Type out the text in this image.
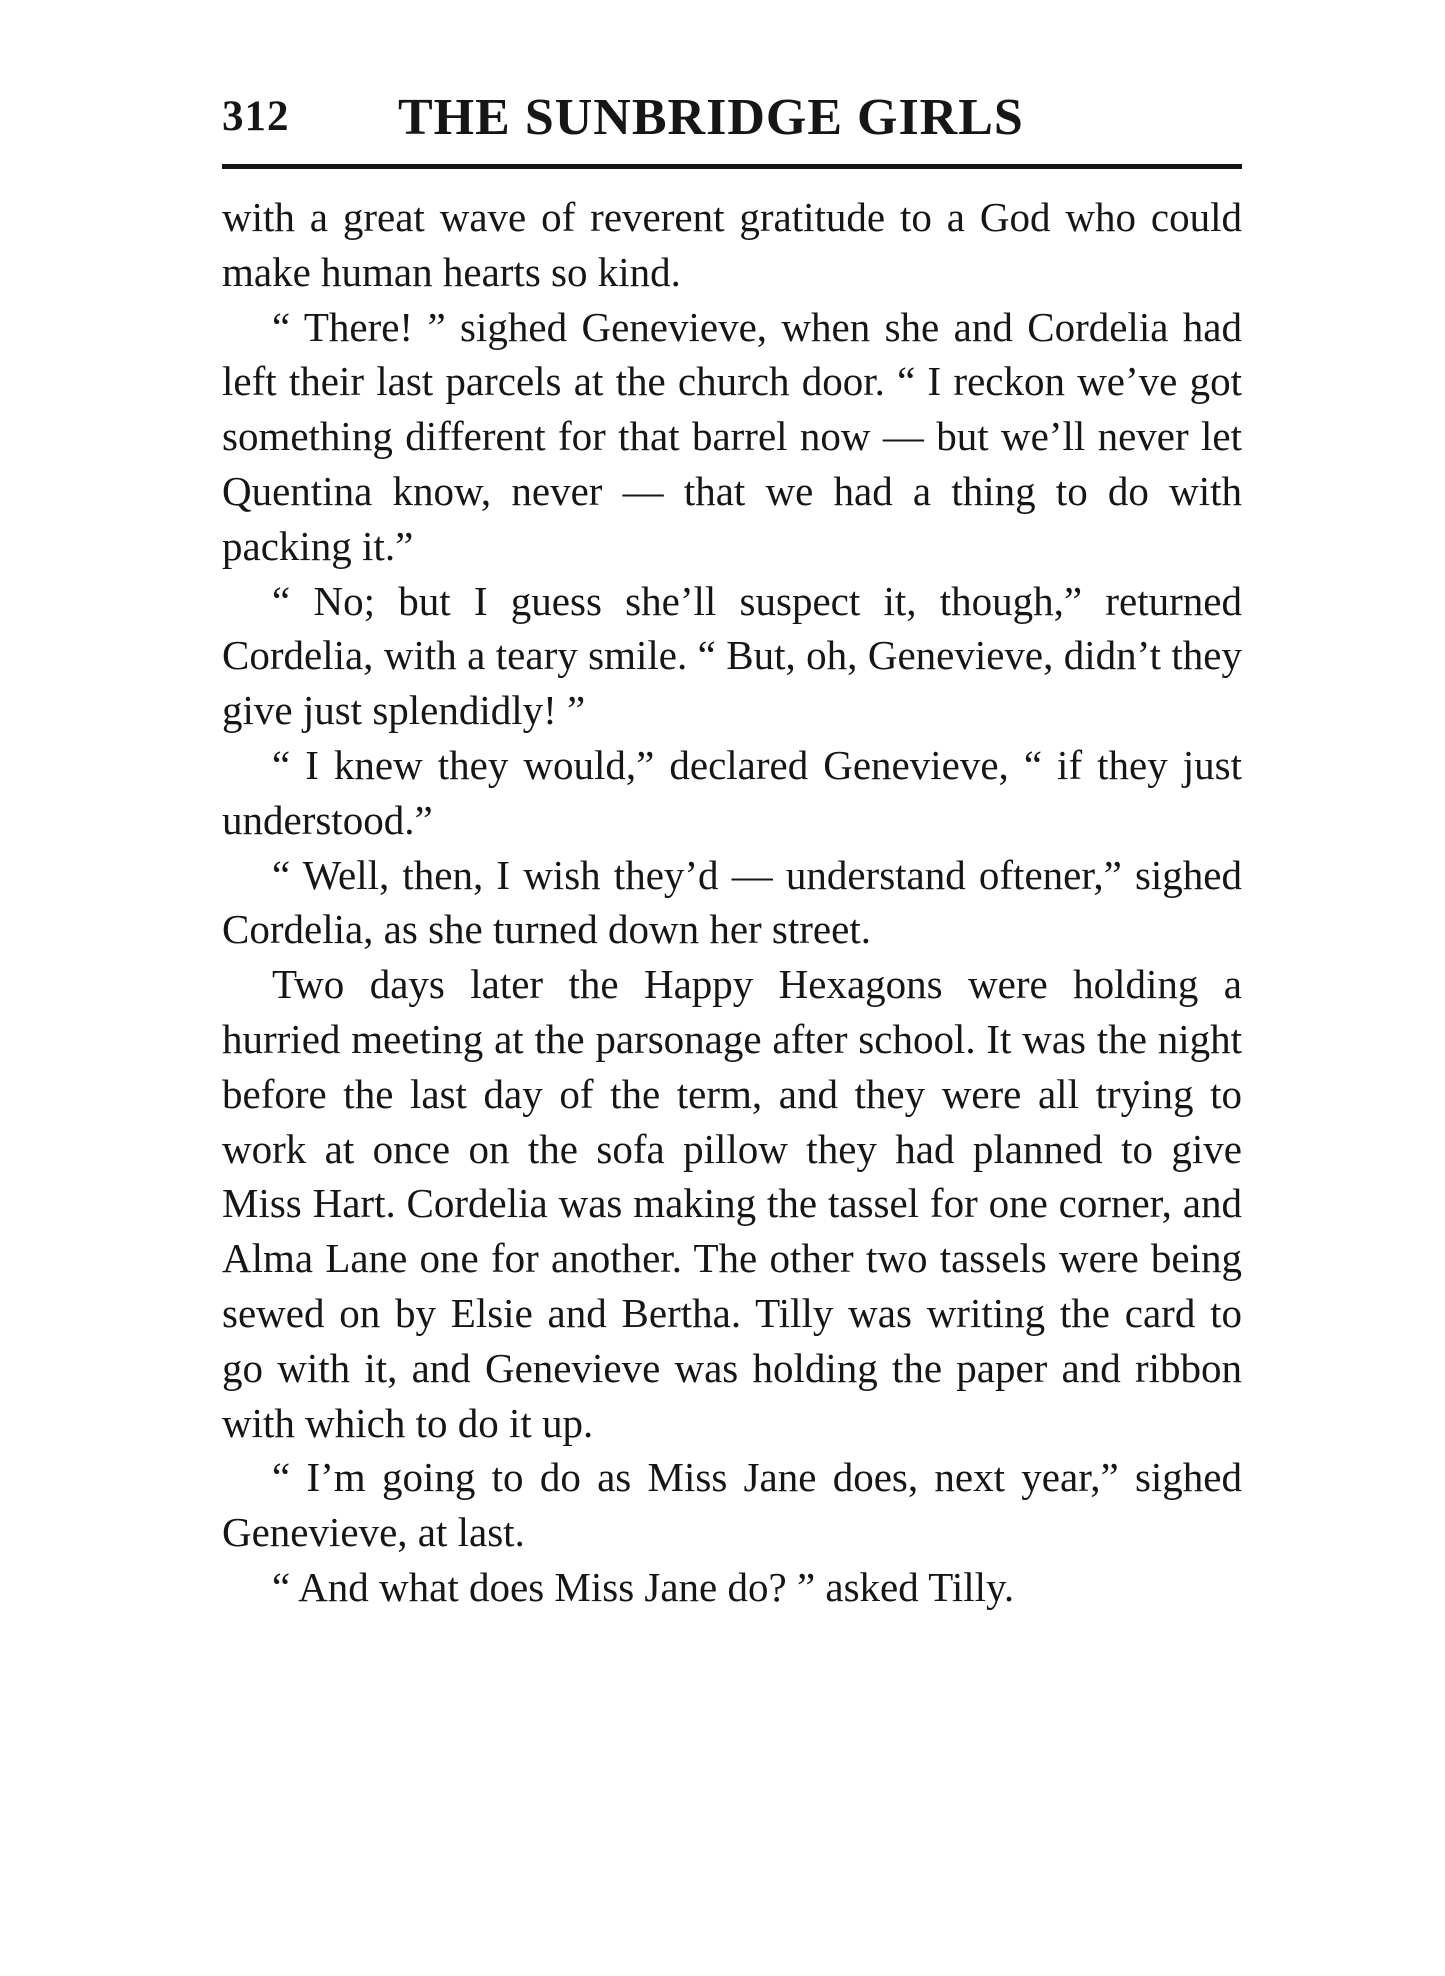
312 THE SUNBRIDGE GIRLS

with a great wave of reverent gratitude to a God who could make human hearts so kind.

“ There! ” sighed Genevieve, when she and Cordelia had left their last parcels at the church door. “ I reckon we’ve got something different for that barrel now — but we’ll never let Quentina know, never — that we had a thing to do with packing it.”

“ No; but I guess she’ll suspect it, though,” returned Cordelia, with a teary smile. “ But, oh, Genevieve, didn’t they give just splendidly! ”

“ I knew they would,” declared Genevieve, “ if they just understood.”

“ Well, then, I wish they’d — understand oftener,” sighed Cordelia, as she turned down her street.

Two days later the Happy Hexagons were holding a hurried meeting at the parsonage after school. It was the night before the last day of the term, and they were all trying to work at once on the sofa pillow they had planned to give Miss Hart. Cordelia was making the tassel for one corner, and Alma Lane one for another. The other two tassels were being sewed on by Elsie and Bertha. Tilly was writing the card to go with it, and Genevieve was holding the paper and ribbon with which to do it up.

“ I’m going to do as Miss Jane does, next year,” sighed Genevieve, at last.

“ And what does Miss Jane do? ” asked Tilly.
